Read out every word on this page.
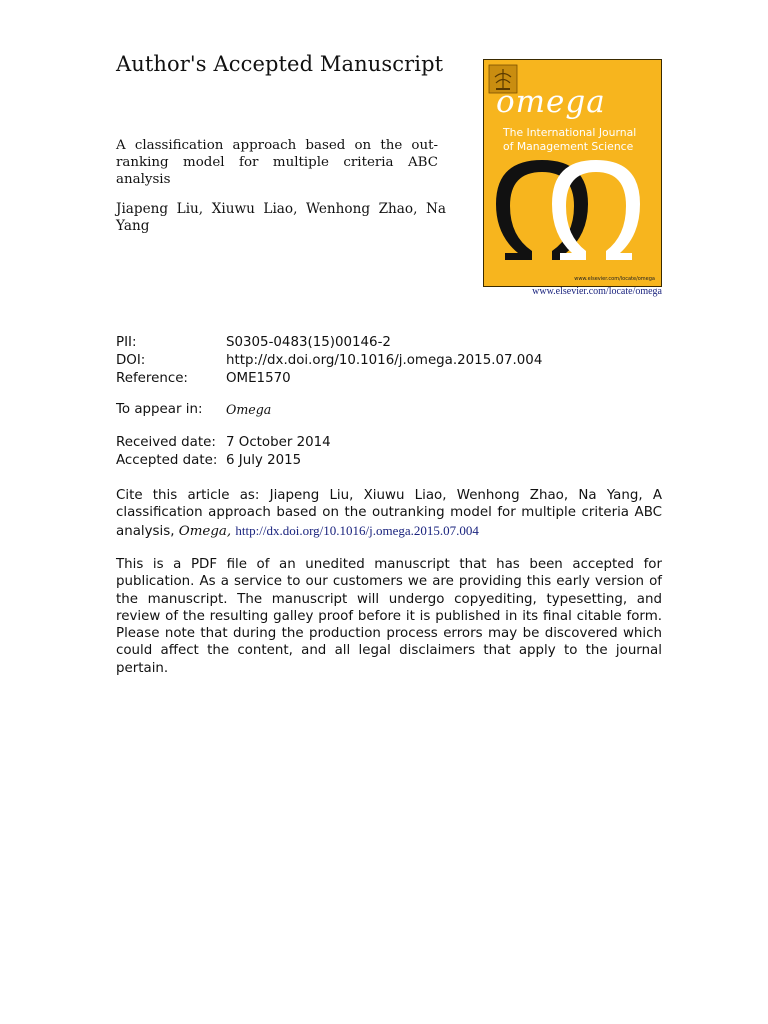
Author's Accepted Manuscript

A classification approach based on the out-ranking model for multiple criteria ABC analysis

Jiapeng Liu, Xiuwu Liao, Wenhong Zhao, Na Yang

omega
The International Journal
of Management Science
www.elsevier.com/locate/omega
www.elsevier.com/locate/omega
PII:	S0305-0483(15)00146-2
DOI:	http://dx.doi.org/10.1016/j.omega.2015.07.004
Reference:	OME1570
To appear in: Omega
Received date: 7 October 2014
Accepted date: 6 July 2015

Cite this article as: Jiapeng Liu, Xiuwu Liao, Wenhong Zhao, Na Yang, A classification approach based on the outranking model for multiple criteria ABC analysis, Omega, http://dx.doi.org/10.1016/j.omega.2015.07.004

This is a PDF file of an unedited manuscript that has been accepted for publication. As a service to our customers we are providing this early version of the manuscript. The manuscript will undergo copyediting, typesetting, and review of the resulting galley proof before it is published in its final citable form. Please note that during the production process errors may be discovered which could affect the content, and all legal disclaimers that apply to the journal pertain.
